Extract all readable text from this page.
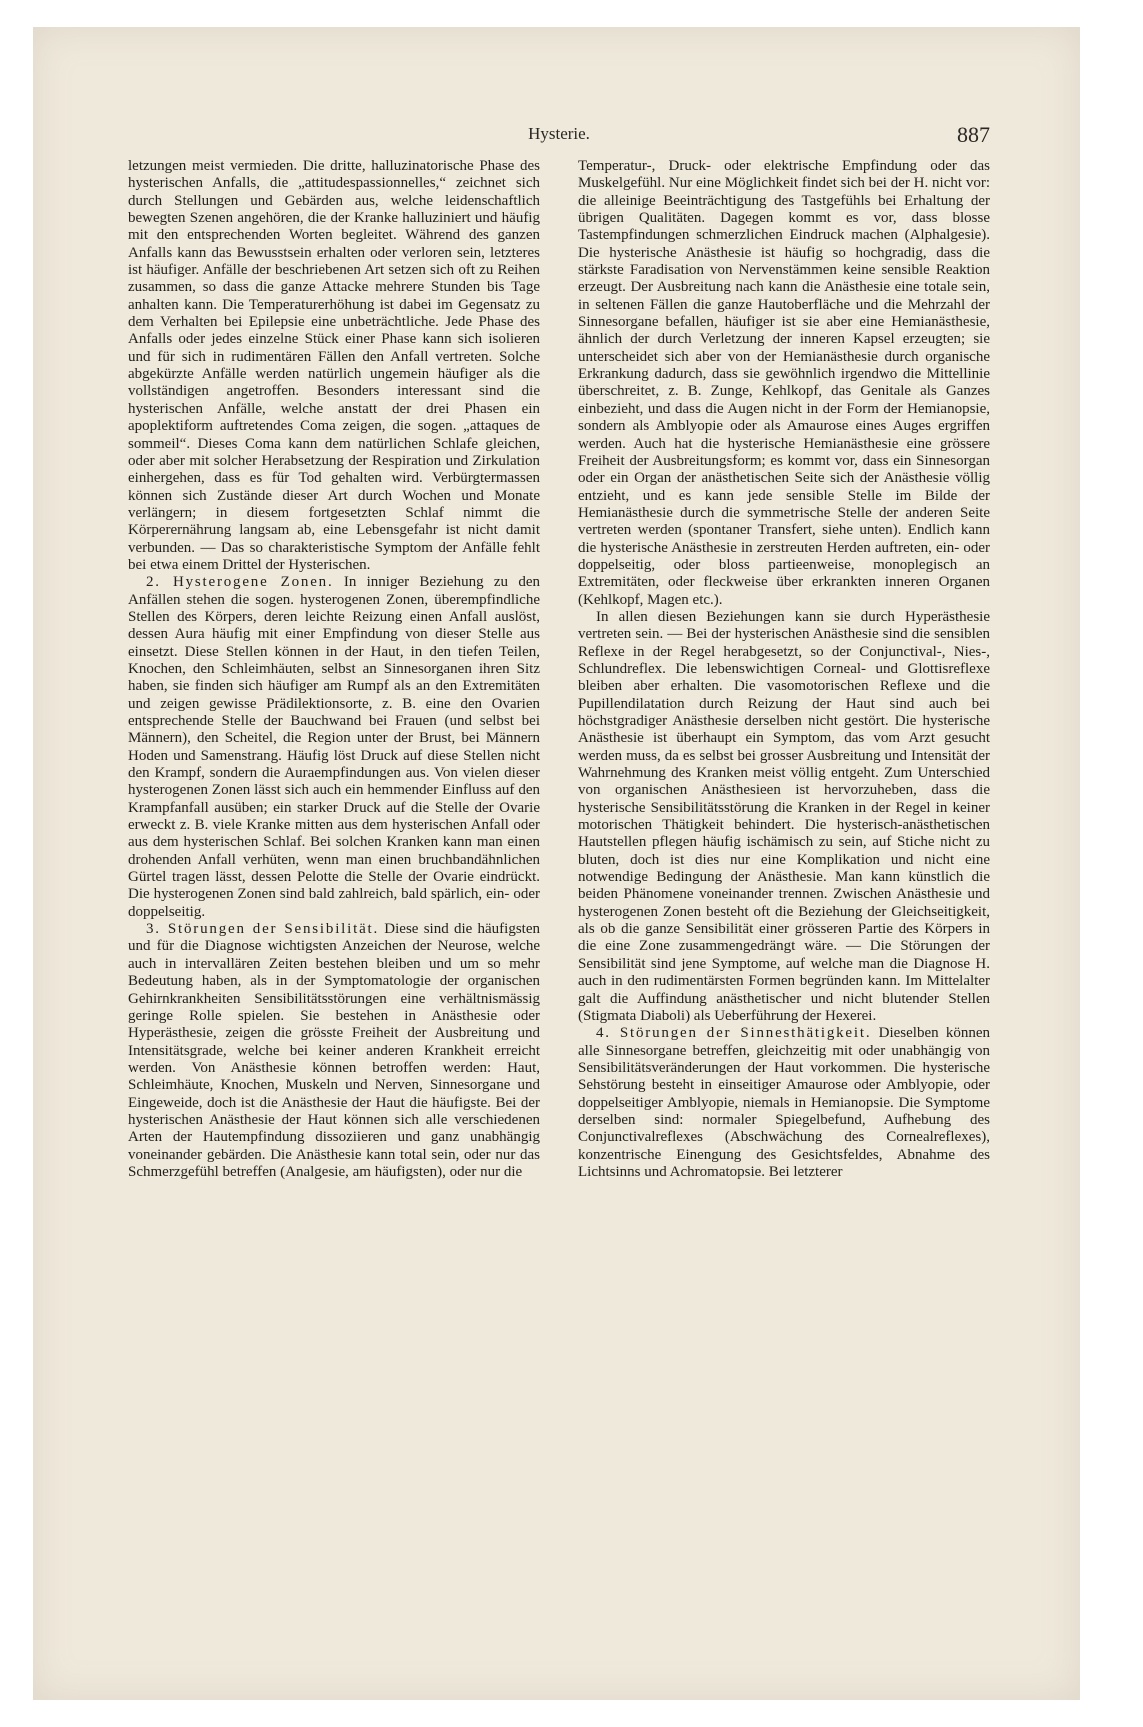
Hysterie.	887

letzungen meist vermieden. Die dritte, halluzinatorische Phase des hysterischen Anfalls, die „attitudespassionnelles,“ zeichnet sich durch Stellungen und Gebärden aus, welche leidenschaftlich bewegten Szenen angehören, die der Kranke halluziniert und häufig mit den entsprechenden Worten begleitet. Während des ganzen Anfalls kann das Bewusstsein erhalten oder verloren sein, letzteres ist häufiger. Anfälle der beschriebenen Art setzen sich oft zu Reihen zusammen, so dass die ganze Attacke mehrere Stunden bis Tage anhalten kann. Die Temperaturerhöhung ist dabei im Gegensatz zu dem Verhalten bei Epilepsie eine unbeträchtliche. Jede Phase des Anfalls oder jedes einzelne Stück einer Phase kann sich isolieren und für sich in rudimentären Fällen den Anfall vertreten. Solche abgekürzte Anfälle werden natürlich ungemein häufiger als die vollständigen angetroffen. Besonders interessant sind die hysterischen Anfälle, welche anstatt der drei Phasen ein apoplektiform auftretendes Coma zeigen, die sogen. „attaques de sommeil“. Dieses Coma kann dem natürlichen Schlafe gleichen, oder aber mit solcher Herabsetzung der Respiration und Zirkulation einhergehen, dass es für Tod gehalten wird. Verbürgtermassen können sich Zustände dieser Art durch Wochen und Monate verlängern; in diesem fortgesetzten Schlaf nimmt die Körperernährung langsam ab, eine Lebensgefahr ist nicht damit verbunden. — Das so charakteristische Symptom der Anfälle fehlt bei etwa einem Drittel der Hysterischen.

2. Hysterogene Zonen. In inniger Beziehung zu den Anfällen stehen die sogen. hysterogenen Zonen, überempfindliche Stellen des Körpers, deren leichte Reizung einen Anfall auslöst, dessen Aura häufig mit einer Empfindung von dieser Stelle aus einsetzt. Diese Stellen können in der Haut, in den tiefen Teilen, Knochen, den Schleimhäuten, selbst an Sinnesorganen ihren Sitz haben, sie finden sich häufiger am Rumpf als an den Extremitäten und zeigen gewisse Prädilektionsorte, z. B. eine den Ovarien entsprechende Stelle der Bauchwand bei Frauen (und selbst bei Männern), den Scheitel, die Region unter der Brust, bei Männern Hoden und Samenstrang. Häufig löst Druck auf diese Stellen nicht den Krampf, sondern die Auraempfindungen aus. Von vielen dieser hysterogenen Zonen lässt sich auch ein hemmender Einfluss auf den Krampfanfall ausüben; ein starker Druck auf die Stelle der Ovarie erweckt z. B. viele Kranke mitten aus dem hysterischen Anfall oder aus dem hysterischen Schlaf. Bei solchen Kranken kann man einen drohenden Anfall verhüten, wenn man einen bruchbandähnlichen Gürtel tragen lässt, dessen Pelotte die Stelle der Ovarie eindrückt. Die hysterogenen Zonen sind bald zahlreich, bald spärlich, ein- oder doppelseitig.

3. Störungen der Sensibilität. Diese sind die häufigsten und für die Diagnose wichtigsten Anzeichen der Neurose, welche auch in intervallären Zeiten bestehen bleiben und um so mehr Bedeutung haben, als in der Symptomatologie der organischen Gehirnkrankheiten Sensibilitätsstörungen eine verhältnismässig geringe Rolle spielen. Sie bestehen in Anästhesie oder Hyperästhesie, zeigen die grösste Freiheit der Ausbreitung und Intensitätsgrade, welche bei keiner anderen Krankheit erreicht werden. Von Anästhesie können betroffen werden: Haut, Schleimhäute, Knochen, Muskeln und Nerven, Sinnesorgane und Eingeweide, doch ist die Anästhesie der Haut die häufigste. Bei der hysterischen Anästhesie der Haut können sich alle verschiedenen Arten der Hautempfindung dissoziieren und ganz unabhängig voneinander gebärden. Die Anästhesie kann total sein, oder nur das Schmerzgefühl betreffen (Analgesie, am häufigsten), oder nur die

Temperatur-, Druck- oder elektrische Empfindung oder das Muskelgefühl. Nur eine Möglichkeit findet sich bei der H. nicht vor: die alleinige Beeinträchtigung des Tastgefühls bei Erhaltung der übrigen Qualitäten. Dagegen kommt es vor, dass blosse Tastempfindungen schmerzlichen Eindruck machen (Alphalgesie). Die hysterische Anästhesie ist häufig so hochgradig, dass die stärkste Faradisation von Nervenstämmen keine sensible Reaktion erzeugt. Der Ausbreitung nach kann die Anästhesie eine totale sein, in seltenen Fällen die ganze Hautoberfläche und die Mehrzahl der Sinnesorgane befallen, häufiger ist sie aber eine Hemianästhesie, ähnlich der durch Verletzung der inneren Kapsel erzeugten; sie unterscheidet sich aber von der Hemianästhesie durch organische Erkrankung dadurch, dass sie gewöhnlich irgendwo die Mittellinie überschreitet, z. B. Zunge, Kehlkopf, das Genitale als Ganzes einbezieht, und dass die Augen nicht in der Form der Hemianopsie, sondern als Amblyopie oder als Amaurose eines Auges ergriffen werden. Auch hat die hysterische Hemianästhesie eine grössere Freiheit der Ausbreitungsform; es kommt vor, dass ein Sinnesorgan oder ein Organ der anästhetischen Seite sich der Anästhesie völlig entzieht, und es kann jede sensible Stelle im Bilde der Hemianästhesie durch die symmetrische Stelle der anderen Seite vertreten werden (spontaner Transfert, siehe unten). Endlich kann die hysterische Anästhesie in zerstreuten Herden auftreten, ein- oder doppelseitig, oder bloss partieenweise, monoplegisch an Extremitäten, oder fleckweise über erkrankten inneren Organen (Kehlkopf, Magen etc.).

In allen diesen Beziehungen kann sie durch Hyperästhesie vertreten sein. — Bei der hysterischen Anästhesie sind die sensiblen Reflexe in der Regel herabgesetzt, so der Conjunctival-, Nies-, Schlundreflex. Die lebenswichtigen Corneal- und Glottisreflexe bleiben aber erhalten. Die vasomotorischen Reflexe und die Pupillendilatation durch Reizung der Haut sind auch bei höchstgradiger Anästhesie derselben nicht gestört. Die hysterische Anästhesie ist überhaupt ein Symptom, das vom Arzt gesucht werden muss, da es selbst bei grosser Ausbreitung und Intensität der Wahrnehmung des Kranken meist völlig entgeht. Zum Unterschied von organischen Anästhesieen ist hervorzuheben, dass die hysterische Sensibilitätsstörung die Kranken in der Regel in keiner motorischen Thätigkeit behindert. Die hysterisch-anästhetischen Hautstellen pflegen häufig ischämisch zu sein, auf Stiche nicht zu bluten, doch ist dies nur eine Komplikation und nicht eine notwendige Bedingung der Anästhesie. Man kann künstlich die beiden Phänomene voneinander trennen. Zwischen Anästhesie und hysterogenen Zonen besteht oft die Beziehung der Gleichseitigkeit, als ob die ganze Sensibilität einer grösseren Partie des Körpers in die eine Zone zusammengedrängt wäre. — Die Störungen der Sensibilität sind jene Symptome, auf welche man die Diagnose H. auch in den rudimentärsten Formen begründen kann. Im Mittelalter galt die Auffindung anästhetischer und nicht blutender Stellen (Stigmata Diaboli) als Ueberführung der Hexerei.

4. Störungen der Sinnesthätigkeit. Dieselben können alle Sinnesorgane betreffen, gleichzeitig mit oder unabhängig von Sensibilitätsveränderungen der Haut vorkommen. Die hysterische Sehstörung besteht in einseitiger Amaurose oder Amblyopie, oder doppelseitiger Amblyopie, niemals in Hemianopsie. Die Symptome derselben sind: normaler Spiegelbefund, Aufhebung des Conjunctivalreflexes (Abschwächung des Cornealreflexes), konzentrische Einengung des Gesichtsfeldes, Abnahme des Lichtsinns und Achromatopsie. Bei letzterer
